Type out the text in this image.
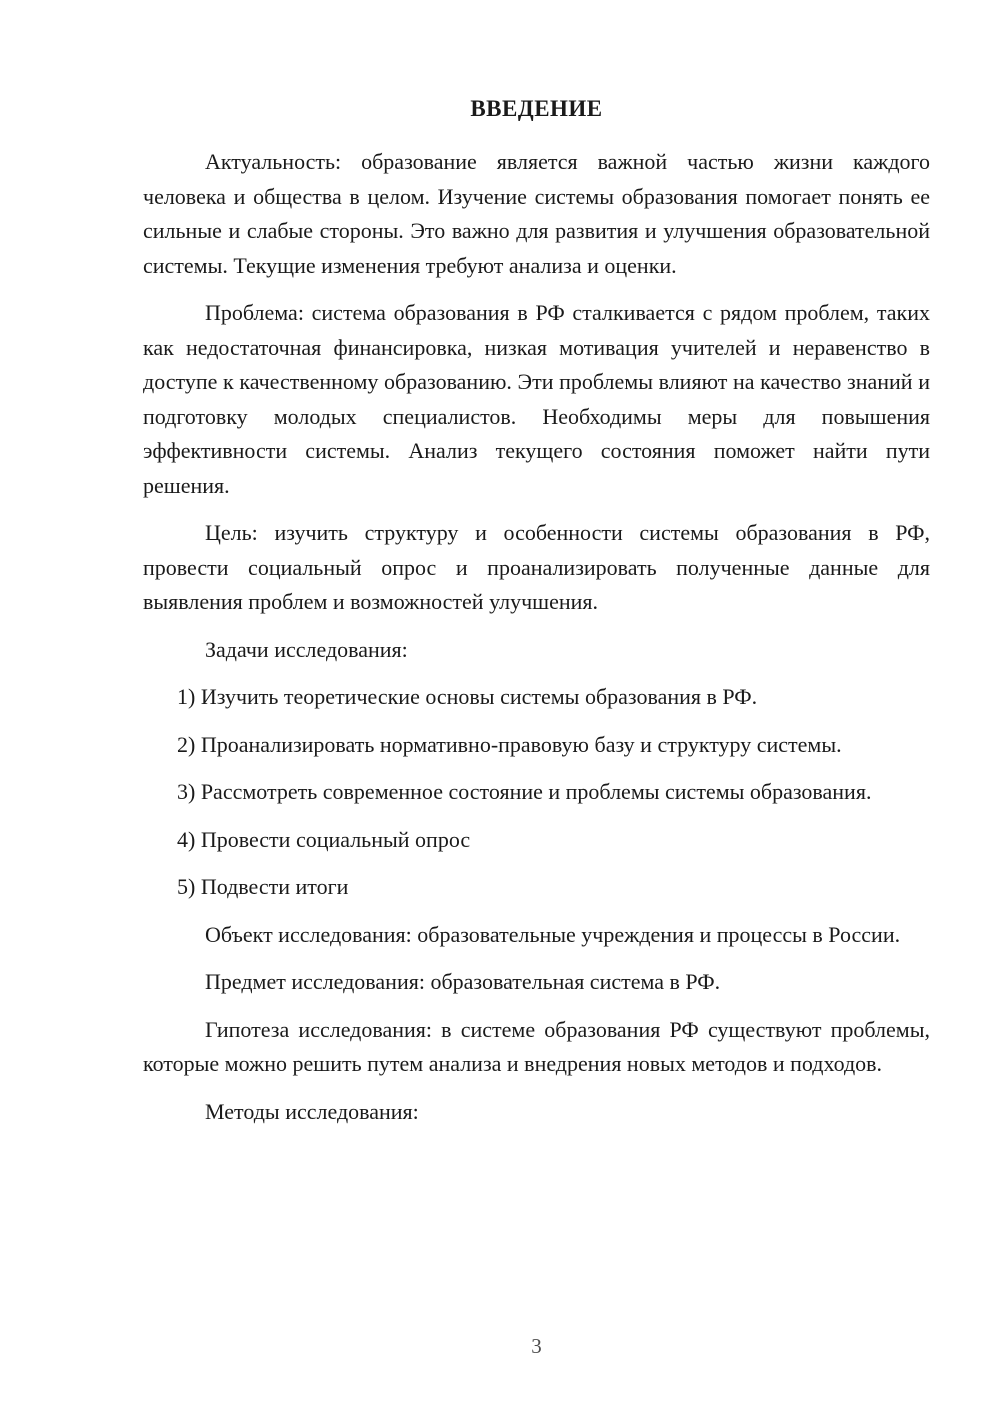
ВВЕДЕНИЕ

Актуальность: образование является важной частью жизни каждого человека и общества в целом. Изучение системы образования помогает понять ее сильные и слабые стороны. Это важно для развития и улучшения образовательной системы. Текущие изменения требуют анализа и оценки.

Проблема: система образования в РФ сталкивается с рядом проблем, таких как недостаточная финансировка, низкая мотивация учителей и неравенство в доступе к качественному образованию. Эти проблемы влияют на качество знаний и подготовку молодых специалистов. Необходимы меры для повышения эффективности системы. Анализ текущего состояния поможет найти пути решения.

Цель: изучить структуру и особенности системы образования в РФ, провести социальный опрос и проанализировать полученные данные для выявления проблем и возможностей улучшения.

Задачи исследования:

1) Изучить теоретические основы системы образования в РФ.

2) Проанализировать нормативно-правовую базу и структуру системы.

3) Рассмотреть современное состояние и проблемы системы образования.

4) Провести социальный опрос

5) Подвести итоги

Объект исследования: образовательные учреждения и процессы в России.

Предмет исследования: образовательная система в РФ.

Гипотеза исследования: в системе образования РФ существуют проблемы, которые можно решить путем анализа и внедрения новых методов и подходов.

Методы исследования:

3
